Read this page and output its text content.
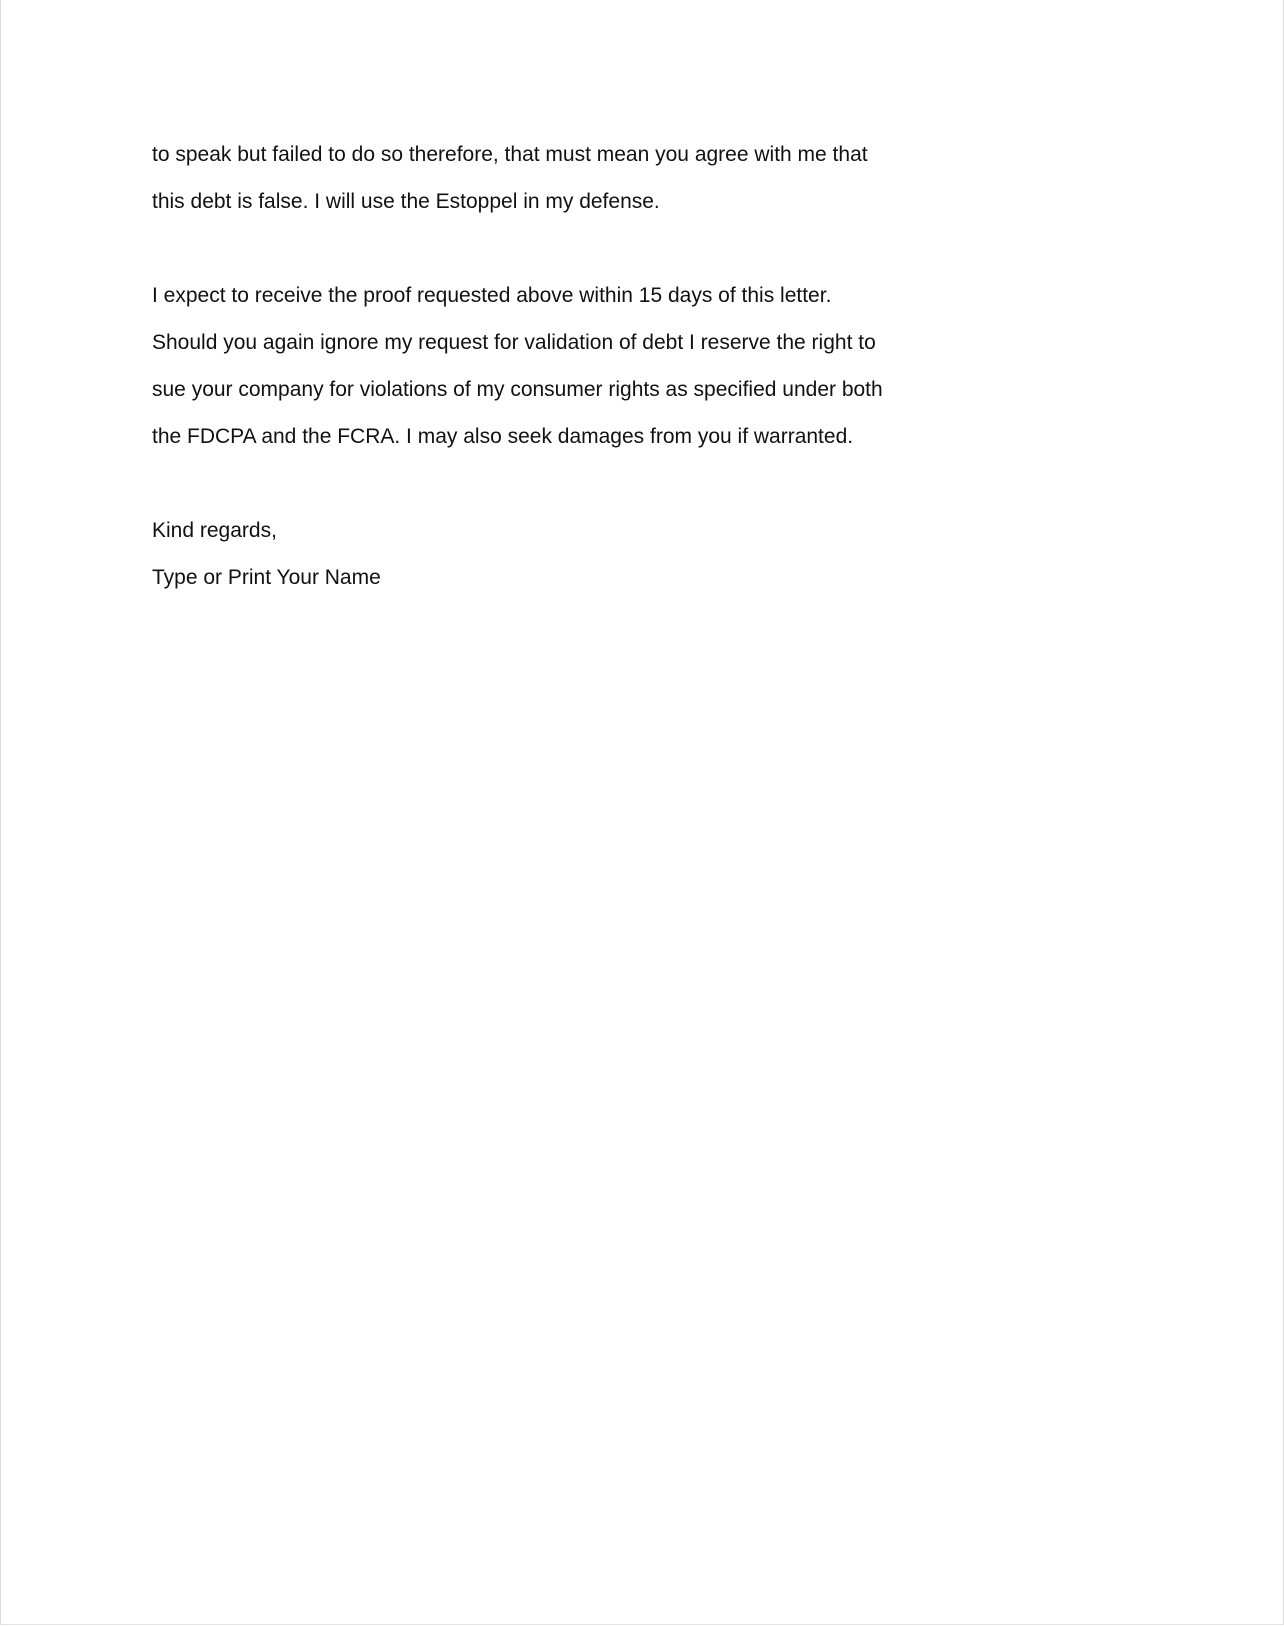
to speak but failed to do so therefore, that must mean you agree with me that
this debt is false. I will use the Estoppel in my defense.
I expect to receive the proof requested above within 15 days of this letter.
Should you again ignore my request for validation of debt I reserve the right to
sue your company for violations of my consumer rights as specified under both
the FDCPA and the FCRA. I may also seek damages from you if warranted.
Kind regards,
Type or Print Your Name
